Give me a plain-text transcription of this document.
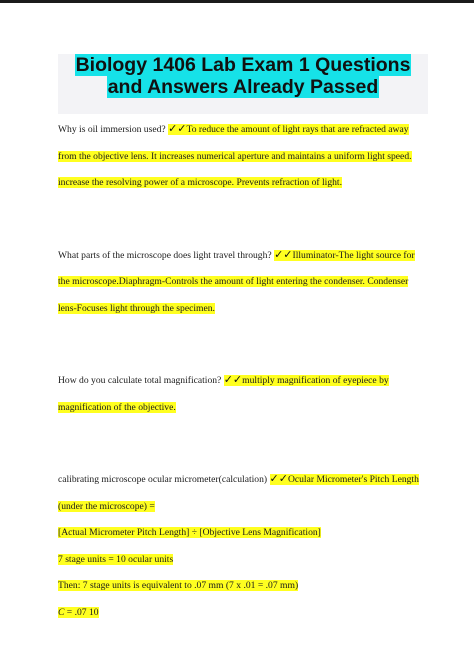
Biology 1406 Lab Exam 1 Questions and Answers Already Passed

Why is oil immersion used? ✓✓To reduce the amount of light rays that are refracted away from the objective lens. It increases numerical aperture and maintains a uniform light speed. increase the resolving power of a microscope. Prevents refraction of light.

What parts of the microscope does light travel through? ✓✓Illuminator-The light source for the microscope.Diaphragm-Controls the amount of light entering the condenser. Condenser lens-Focuses light through the specimen.

How do you calculate total magnification? ✓✓multiply magnification of eyepiece by magnification of the objective.

calibrating microscope ocular micrometer(calculation) ✓✓Ocular Micrometer's Pitch Length (under the microscope) =

[Actual Micrometer Pitch Length] ÷ [Objective Lens Magnification]

7 stage units = 10 ocular units

Then: 7 stage units is equivalent to .07 mm (7 x .01 = .07 mm)

C = .07 10
